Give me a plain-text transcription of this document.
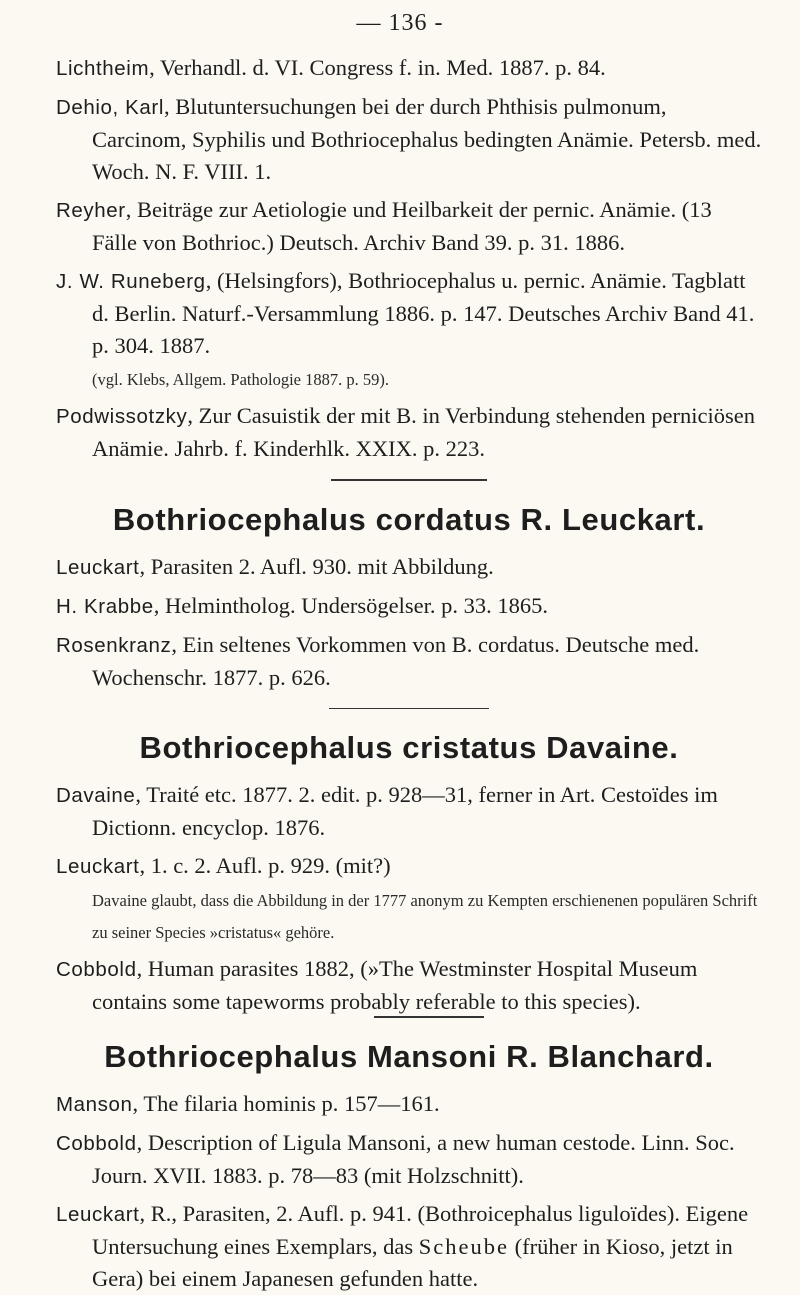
— 136 -

Lichtheim, Verhandl. d. VI. Congress f. in. Med. 1887. p. 84.

Dehio, Karl, Blutuntersuchungen bei der durch Phthisis pulmonum, Carcinom, Syphilis und Bothriocephalus bedingten Anämie. Petersb. med. Woch. N. F. VIII. 1.

Reyher, Beiträge zur Aetiologie und Heilbarkeit der pernic. Anämie. (13 Fälle von Bothrioc.) Deutsch. Archiv Band 39. p. 31. 1886.

J. W. Runeberg, (Helsingfors), Bothriocephalus u. pernic. Anämie. Tagblatt d. Berlin. Naturf.-Versammlung 1886. p. 147. Deutsches Archiv Band 41. p. 304. 1887.
(vgl. Klebs, Allgem. Pathologie 1887. p. 59).

Podwissotzky, Zur Casuistik der mit B. in Verbindung stehenden perniciösen Anämie. Jahrb. f. Kinderhlk. XXIX. p. 223.

Bothriocephalus cordatus R. Leuckart.

Leuckart, Parasiten 2. Aufl. 930. mit Abbildung.

H. Krabbe, Helmintholog. Undersögelser. p. 33. 1865.

Rosenkranz, Ein seltenes Vorkommen von B. cordatus. Deutsche med. Wochenschr. 1877. p. 626.

Bothriocephalus cristatus Davaine.

Davaine, Traité etc. 1877. 2. edit. p. 928—31, ferner in Art. Cestoïdes im Dictionn. encyclop. 1876.

Leuckart, 1. c. 2. Aufl. p. 929. (mit?)
Davaine glaubt, dass die Abbildung in der 1777 anonym zu Kempten erschienenen populären Schrift zu seiner Species »cristatus« gehöre.

Cobbold, Human parasites 1882, (»The Westminster Hospital Museum contains some tapeworms probably referable to this species).

Bothriocephalus Mansoni R. Blanchard.

Manson, The filaria hominis p. 157—161.

Cobbold, Description of Ligula Mansoni, a new human cestode. Linn. Soc. Journ. XVII. 1883. p. 78—83 (mit Holzschnitt).

Leuckart, R., Parasiten, 2. Aufl. p. 941. (Bothroicephalus liguloïdes). Eigene Untersuchung eines Exemplars, das Scheube (früher in Kioso, jetzt in Gera) bei einem Japanesen gefunden hatte.
